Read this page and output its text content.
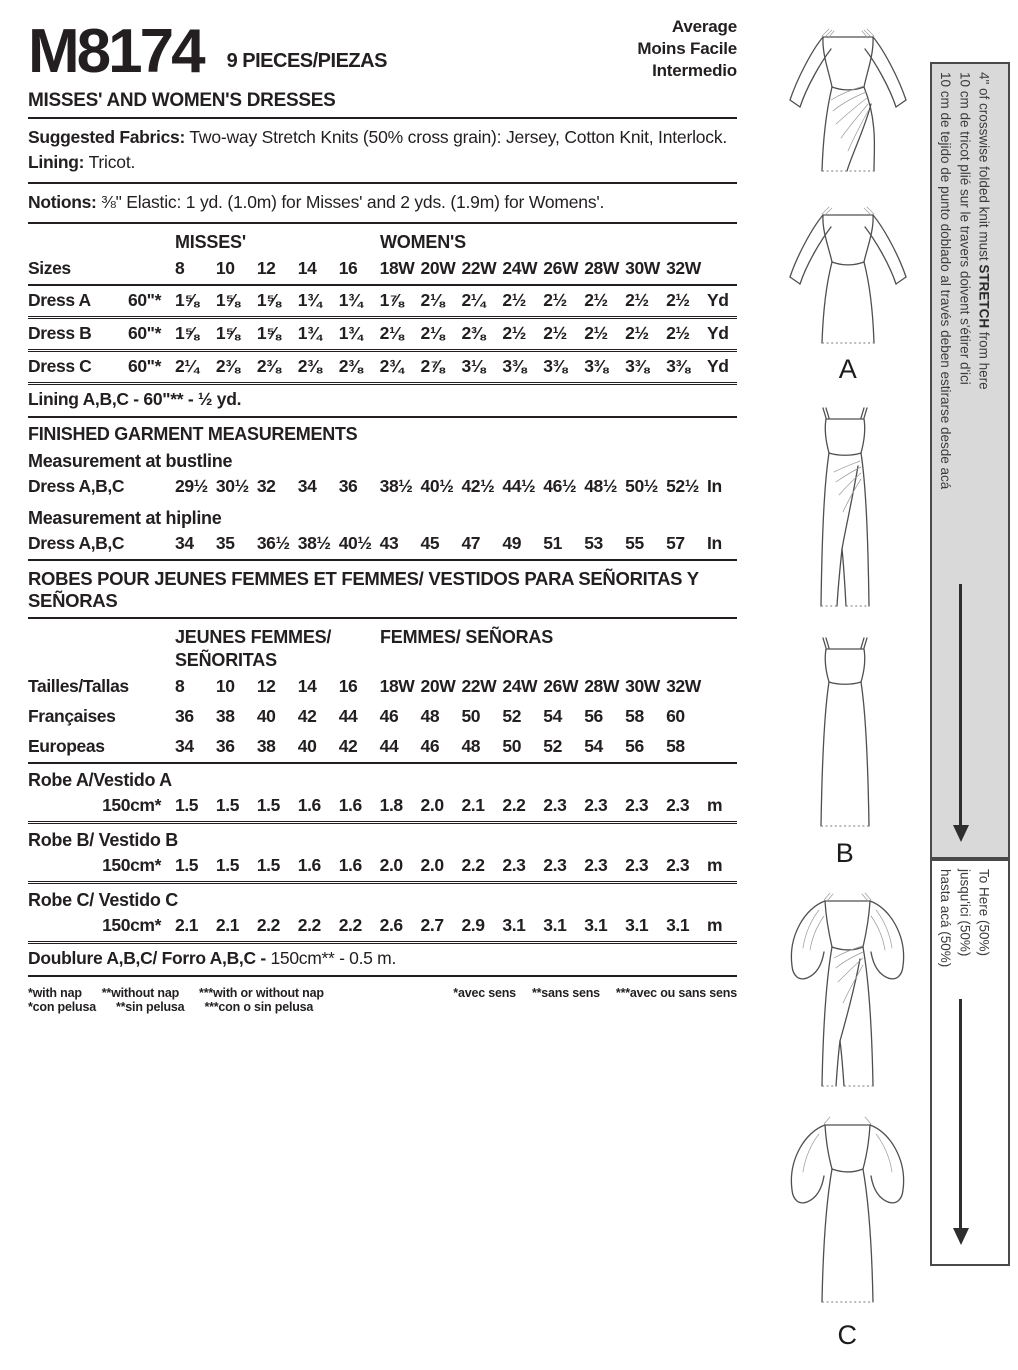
M8174 9 PIECES/PIEZAS
Average
Moins Facile
Intermedio
MISSES' AND WOMEN'S DRESSES
Suggested Fabrics: Two-way Stretch Knits (50% cross grain): Jersey, Cotton Knit, Interlock.
Lining: Tricot.
Notions: ⅜" Elastic: 1 yd. (1.0m) for Misses' and 2 yds. (1.9m) for Womens'.
MISSES'	WOMEN'S
Sizes	8	10	12	14	16	18W 20W 22W 24W 26W 28W 30W 32W
Dress A 60"* 1⅝ 1⅝ 1⅝ 1¾ 1¾ 1⅞ 2⅛ 2¼ 2½ 2½ 2½ 2½ 2½ Yd
Dress B 60"* 1⅝ 1⅝ 1⅝ 1¾ 1¾ 2⅛ 2⅛ 2⅜ 2½ 2½ 2½ 2½ 2½ Yd
Dress C 60"* 2¼ 2⅜ 2⅜ 2⅜ 2⅜ 2¾ 2⅞ 3⅛ 3⅜ 3⅜ 3⅜ 3⅜ 3⅜ Yd
Lining A,B,C - 60"** - ½ yd.
FINISHED GARMENT MEASUREMENTS
Measurement at bustline
Dress A,B,C	29½ 30½ 32	34	36	38½ 40½ 42½ 44½ 46½ 48½ 50½ 52½ In
Measurement at hipline
Dress A,B,C	34	35	36½ 38½ 40½ 43	45	47	49	51	53	55	57	In
ROBES POUR JEUNES FEMMES ET FEMMES/ VESTIDOS PARA SEÑORITAS Y SEÑORAS
JEUNES FEMMES/
SEÑORITAS
FEMMES/ SEÑORAS
Tailles/Tallas	8	10	12	14	16	18W 20W 22W 24W 26W 28W 30W 32W
Françaises	36	38	40	42	44	46	48	50	52	54	56	58	60
Europeas	34	36	38	40	42	44	46	48	50	52	54	56	58
Robe A/Vestido A
150cm* 1.5	1.5	1.5	1.6	1.6	1.8	2.0	2.1	2.2	2.3	2.3	2.3	2.3	m
Robe B/ Vestido B
150cm* 1.5	1.5	1.5	1.6	1.6	2.0	2.0	2.2	2.3	2.3	2.3	2.3	2.3	m
Robe C/ Vestido C
150cm* 2.1	2.1	2.2	2.2	2.2	2.6	2.7	2.9	3.1	3.1	3.1	3.1	3.1	m
Doublure A,B,C/ Forro A,B,C - 150cm** - 0.5 m.
*with nap **without nap ***with or without nap
*con pelusa **sin pelusa ***con o sin pelusa
*avec sens **sans sens ***avec ou sans sens
A
B
C
4" of crosswise folded knit must STRETCH from here
10 cm de tricot plié sur le travers doivent s'étirer d'ici
10 cm de tejido de punto doblado al través deben estirarse desde acá
To Here (50%)
jusqu'ici (50%)
hasta acá (50%)
